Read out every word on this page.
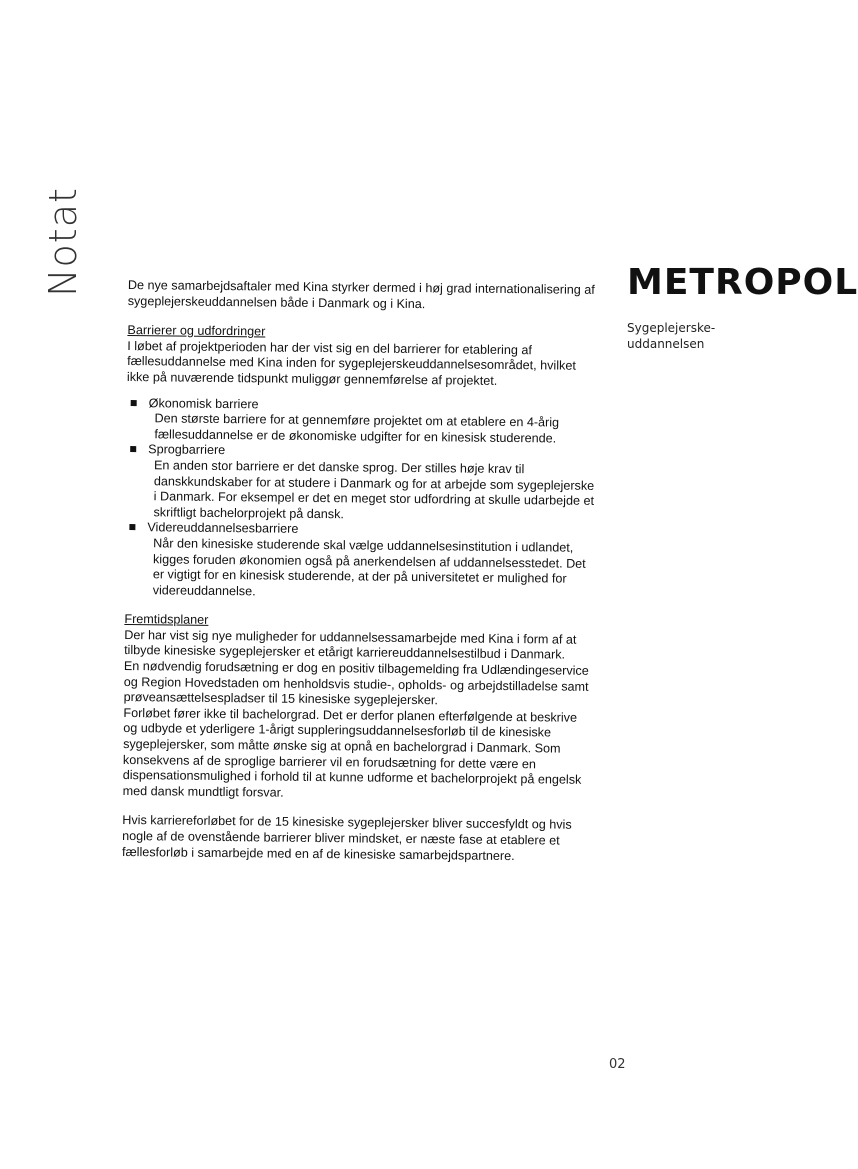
Notat	METROPOL
Sygeplejerske-
uddannelsen

De nye samarbejdsaftaler med Kina styrker dermed i høj grad internationalisering af sygeplejerskeuddannelsen både i Danmark og i Kina.

Barrierer og udfordringer

I løbet af projektperioden har der vist sig en del barrierer for etablering af fællesuddannelse med Kina inden for sygeplejerskeuddannelsesområdet, hvilket ikke på nuværende tidspunkt muliggør gennemførelse af projektet.

Økonomisk barriere

Den største barriere for at gennemføre projektet om at etablere en 4-årig fællesuddannelse er de økonomiske udgifter for en kinesisk studerende.

Sprogbarriere

En anden stor barriere er det danske sprog. Der stilles høje krav til danskkundskaber for at studere i Danmark og for at arbejde som sygeplejerske i Danmark. For eksempel er det en meget stor udfordring at skulle udarbejde et skriftligt bachelorprojekt på dansk.

Videreuddannelsesbarriere

Når den kinesiske studerende skal vælge uddannelsesinstitution i udlandet, kigges foruden økonomien også på anerkendelsen af uddannelsesstedet. Det er vigtigt for en kinesisk studerende, at der på universitetet er mulighed for videreuddannelse.

Fremtidsplaner

Der har vist sig nye muligheder for uddannelsessamarbejde med Kina i form af at tilbyde kinesiske sygeplejersker et etårigt karriereuddannelsestilbud i Danmark.

En nødvendig forudsætning er dog en positiv tilbagemelding fra Udlændingeservice og Region Hovedstaden om henholdsvis studie-, opholds- og arbejdstilladelse samt prøveansættelsespladser til 15 kinesiske sygeplejersker.

Forløbet fører ikke til bachelorgrad. Det er derfor planen efterfølgende at beskrive og udbyde et yderligere 1-årigt suppleringsuddannelsesforløb til de kinesiske sygeplejersker, som måtte ønske sig at opnå en bachelorgrad i Danmark. Som konsekvens af de sproglige barrierer vil en forudsætning for dette være en dispensationsmulighed i forhold til at kunne udforme et bachelorprojekt på engelsk med dansk mundtligt forsvar.

Hvis karriereforløbet for de 15 kinesiske sygeplejersker bliver succesfyldt og hvis nogle af de ovenstående barrierer bliver mindsket, er næste fase at etablere et fællesforløb i samarbejde med en af de kinesiske samarbejdspartnere.

02
